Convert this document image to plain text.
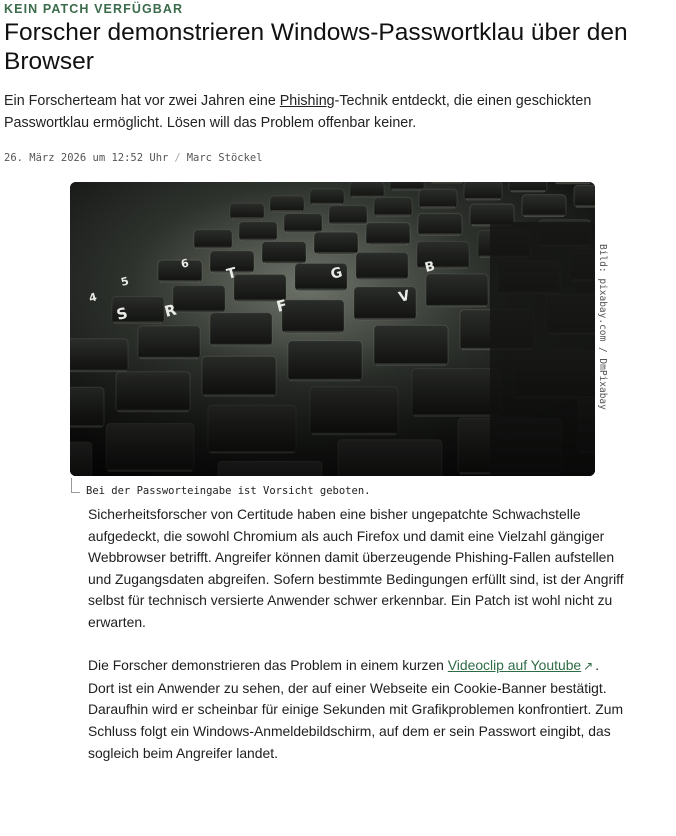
KEIN PATCH VERFÜGBAR
Forscher demonstrieren Windows-Passwortklau über den Browser

Ein Forscherteam hat vor zwei Jahren eine Phishing-Technik entdeckt, die einen geschickten Passwortklau ermöglicht. Lösen will das Problem offenbar keiner.

26. März 2026 um 12:52 Uhr / Marc Stöckel
Bild: pixabay.com / DmPixabay
Bei der Passworteingabe ist Vorsicht geboten.

Sicherheitsforscher von Certitude haben eine bisher ungepatchte Schwachstelle aufgedeckt, die sowohl Chromium als auch Firefox und damit eine Vielzahl gängiger Webbrowser betrifft. Angreifer können damit überzeugende Phishing-Fallen aufstellen und Zugangsdaten abgreifen. Sofern bestimmte Bedingungen erfüllt sind, ist der Angriff selbst für technisch versierte Anwender schwer erkennbar. Ein Patch ist wohl nicht zu erwarten.

Die Forscher demonstrieren das Problem in einem kurzen Videoclip auf Youtube ↗ . Dort ist ein Anwender zu sehen, der auf einer Webseite ein Cookie-Banner bestätigt. Daraufhin wird er scheinbar für einige Sekunden mit Grafikproblemen konfrontiert. Zum Schluss folgt ein Windows-Anmeldebildschirm, auf dem er sein Passwort eingibt, das sogleich beim Angreifer landet.
